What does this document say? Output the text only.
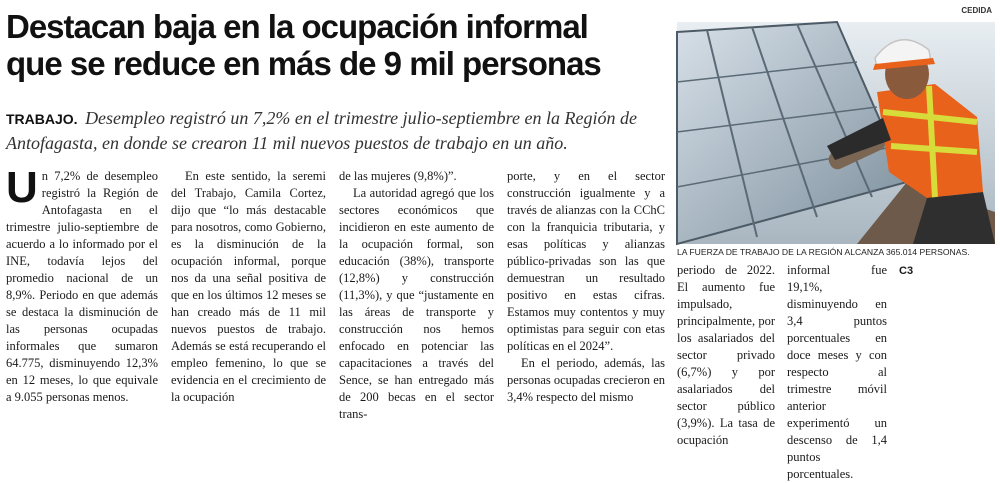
Destacan baja en la ocupación informal
que se reduce en más de 9 mil personas

TRABAJO. Desempleo registró un 7,2% en el trimestre julio-septiembre en la Región de Antofagasta, en donde se crearon 11 mil nuevos puestos de trabajo en un año.

Un 7,2% de desempleo registró la Región de Antofagasta en el trimestre julio-septiembre de acuerdo a lo informado por el INE, todavía lejos del promedio nacional de un 8,9%. Periodo en que además se destaca la disminución de las personas ocupadas informales que sumaron 64.775, disminuyendo 12,3% en 12 meses, lo que equivale a 9.055 personas menos.

En este sentido, la seremi del Trabajo, Camila Cortez, dijo que “lo más destacable para nosotros, como Gobierno, es la disminución de la ocupación informal, porque nos da una señal positiva de que en los últimos 12 meses se han creado más de 11 mil nuevos puestos de trabajo. Además se está recuperando el empleo femenino, lo que se evidencia en el crecimiento de la ocupación

de las mujeres (9,8%)”.

La autoridad agregó que los sectores económicos que incidieron en este aumento de la ocupación formal, son educación (38%), transporte (12,8%) y construcción (11,3%), y que “justamente en las áreas de transporte y construcción nos hemos enfocado en potenciar las capacitaciones a través del Sence, se han entregado más de 200 becas en el sector trans-

porte, y en el sector construcción igualmente y a través de alianzas con la CChC con la franquicia tributaria, y esas políticas y alianzas público-privadas son las que demuestran un resultado positivo en estas cifras. Estamos muy contentos y muy optimistas para seguir con etas políticas en el 2024”.

En el periodo, además, las personas ocupadas crecieron en 3,4% respecto del mismo

CEDIDA
LA FUERZA DE TRABAJO DE LA REGIÓN ALCANZA 365.014 PERSONAS.

periodo de 2022. El aumento fue impulsado, principalmente, por los asalariados del sector privado (6,7%) y por asalariados del sector público (3,9%). La tasa de ocupación

informal fue 19,1%, disminuyendo en 3,4 puntos porcentuales en doce meses y con respecto al trimestre móvil anterior experimentó un descenso de 1,4 puntos porcentuales.

C3
